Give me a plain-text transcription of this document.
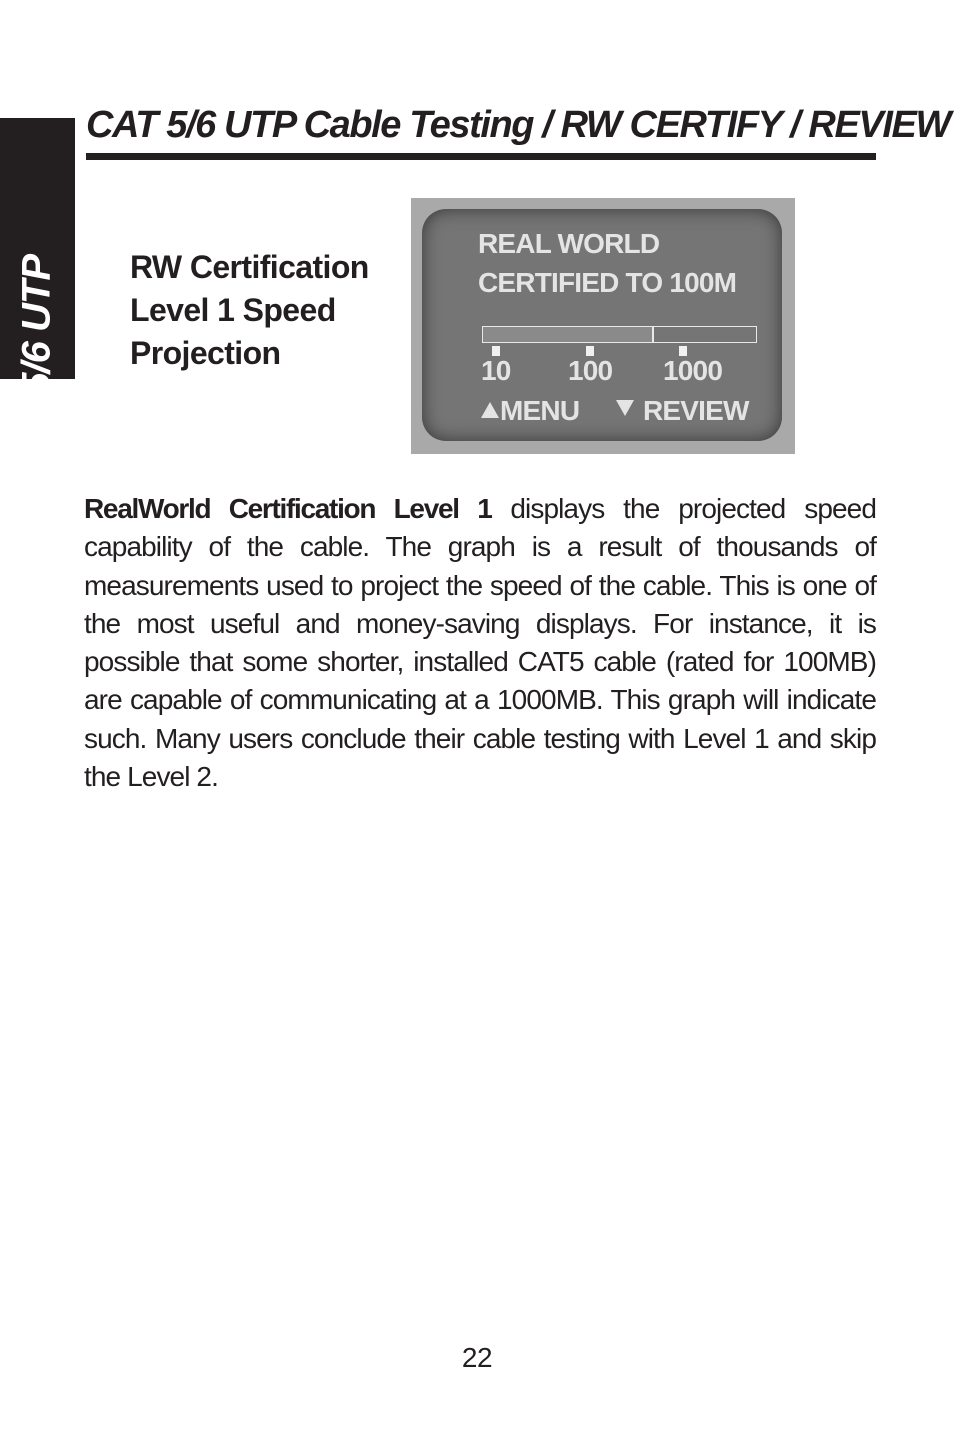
CAT 5/6 UTP
CAT 5/6 UTP Cable Testing / RW CERTIFY / REVIEW

RW Certification
Level 1 Speed
Projection

REAL WORLD
CERTIFIED TO 100M
10 100 1000
MENU	REVIEW

RealWorld Certification Level 1 displays the projected speed capability of the cable. The graph is a result of thousands of measurements used to project the speed of the cable. This is one of the most useful and money-saving displays. For instance, it is possible that some shorter, installed CAT5 cable (rated for 100MB) are capable of communicating at a 1000MB. This graph will indicate such. Many users conclude their cable testing with Level 1 and skip the Level 2.

22
